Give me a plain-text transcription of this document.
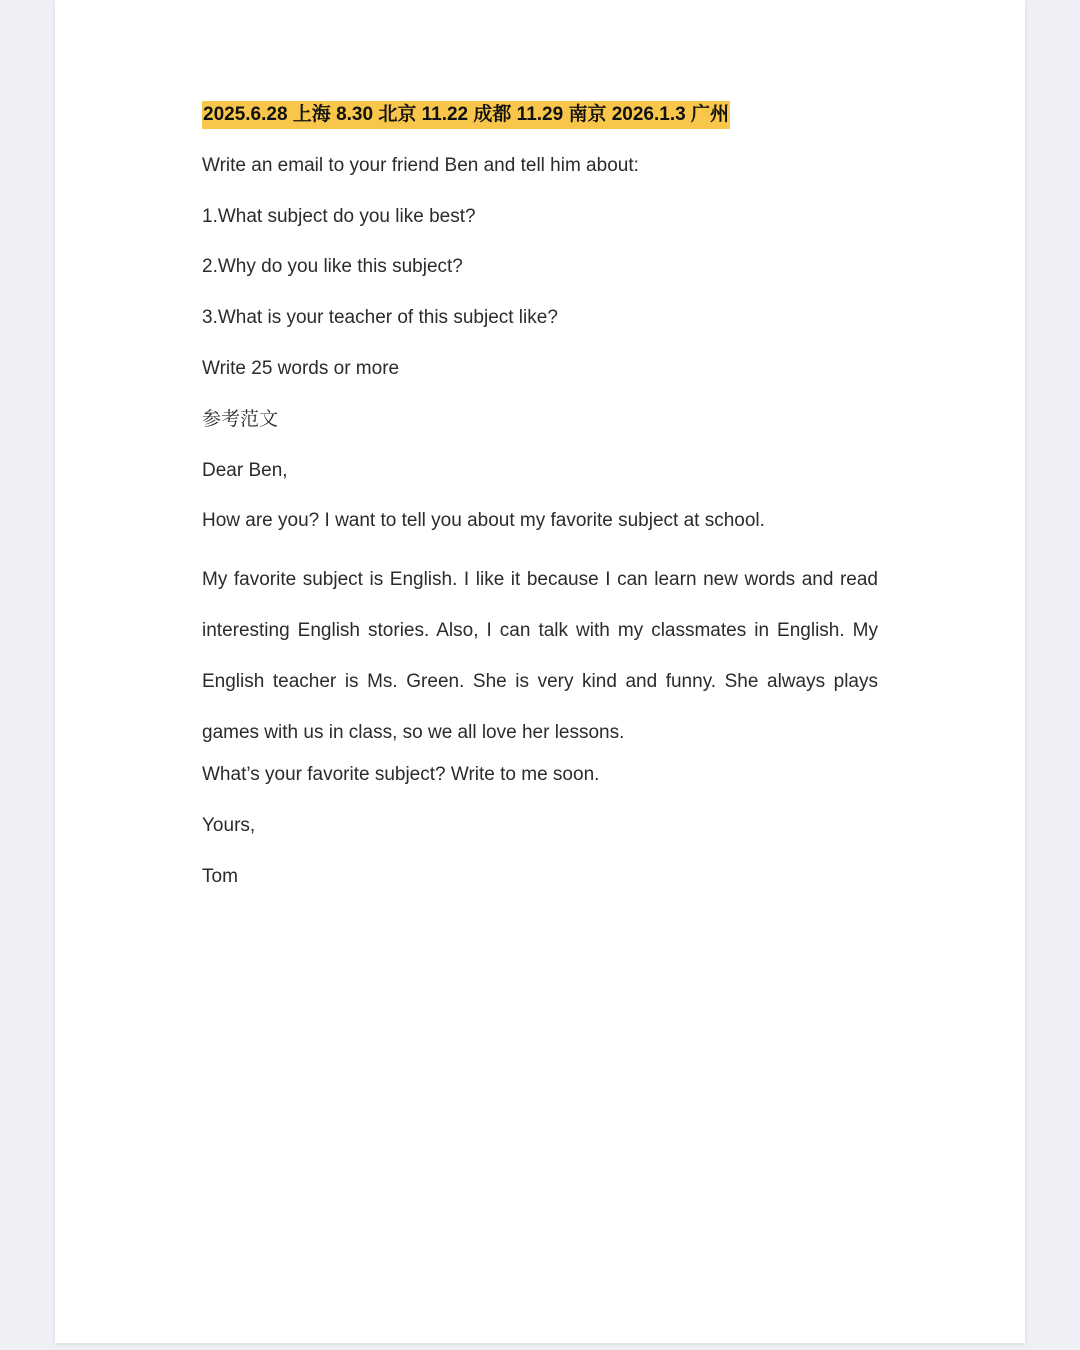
2025.6.28 上海 8.30 北京 11.22 成都 11.29 南京 2026.1.3 广州
Write an email to your friend Ben and tell him about:
1.What subject do you like best?
2.Why do you like this subject?
3.What is your teacher of this subject like?
Write 25 words or more
参考范文
Dear Ben,
How are you? I want to tell you about my favorite subject at school.
My favorite subject is English. I like it because I can learn new words and read interesting English stories. Also, I can talk with my classmates in English. My English teacher is Ms. Green. She is very kind and funny. She always plays games with us in class, so we all love her lessons.
What’s your favorite subject? Write to me soon.
Yours,
Tom
